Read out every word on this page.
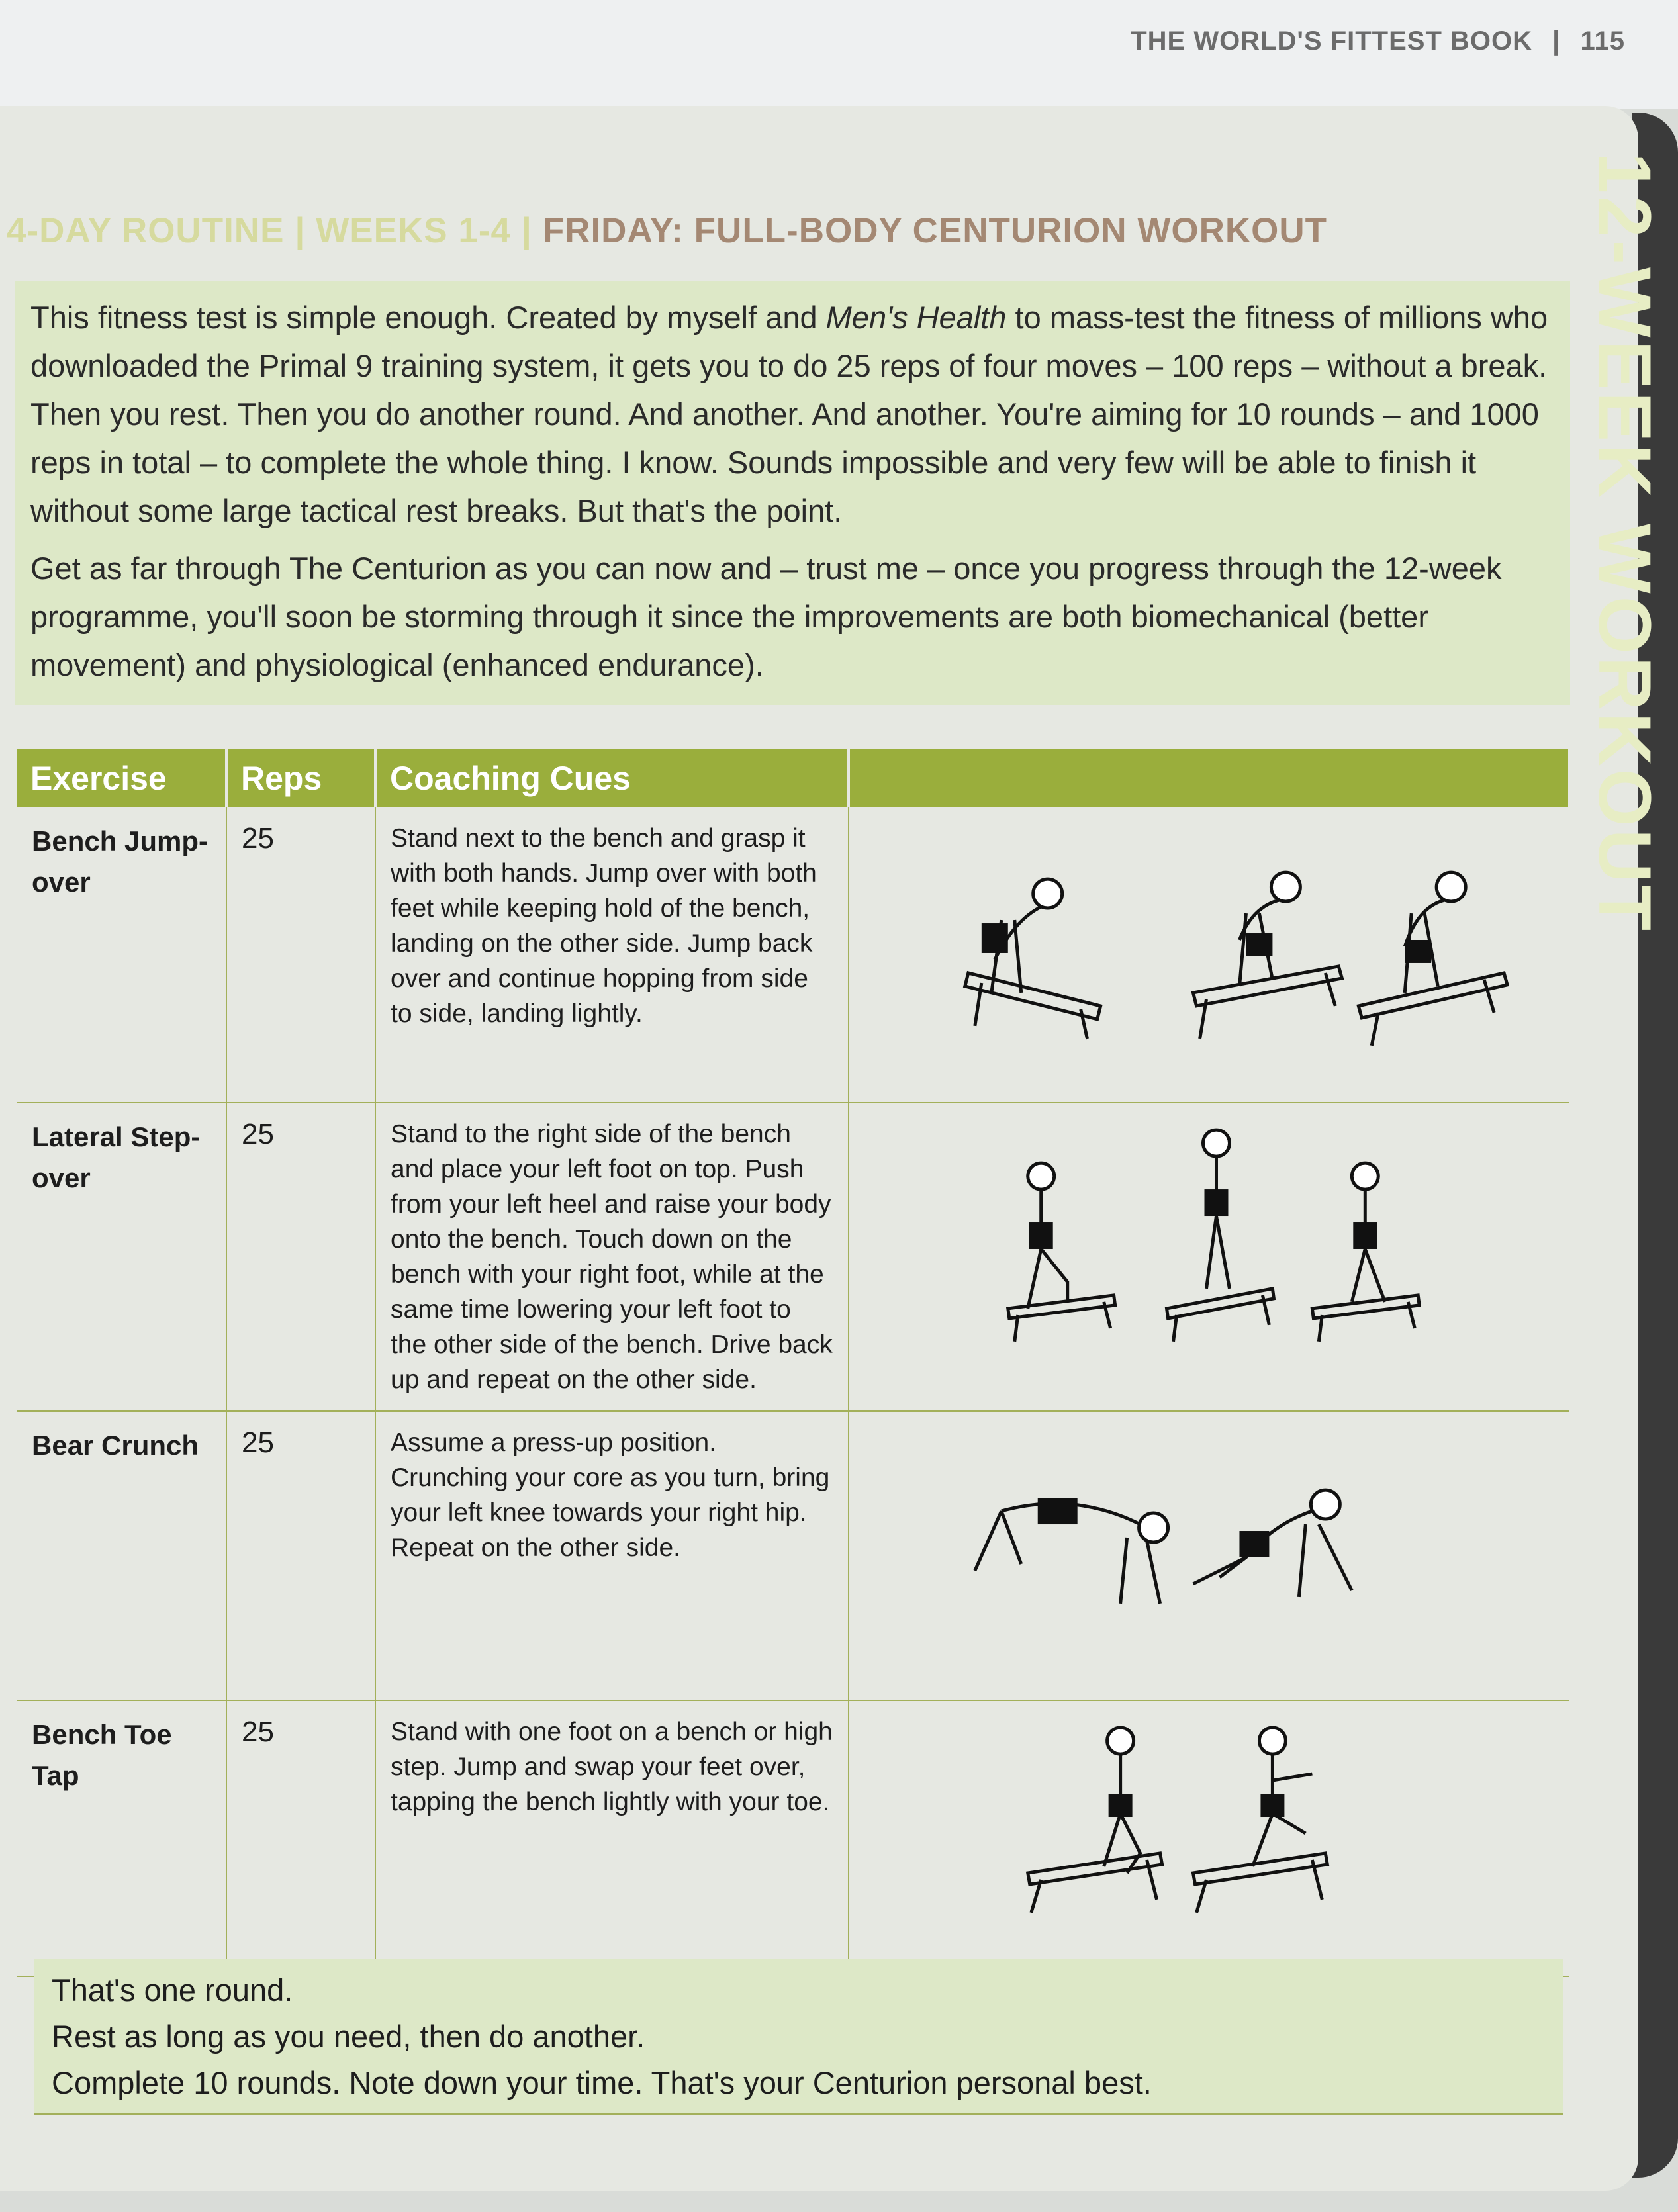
THE WORLD'S FITTEST BOOK | 115
12-WEEK WORKOUT
4-DAY ROUTINE | WEEKS 1-4 | FRIDAY: FULL-BODY CENTURION WORKOUT

This fitness test is simple enough. Created by myself and Men's Health to mass-test the fitness of millions who downloaded the Primal 9 training system, it gets you to do 25 reps of four moves – 100 reps – without a break. Then you rest. Then you do another round. And another. And another. You're aiming for 10 rounds – and 1000 reps in total – to complete the whole thing. I know. Sounds impossible and very few will be able to finish it without some large tactical rest breaks. But that's the point.

Get as far through The Centurion as you can now and – trust me – once you progress through the 12-week programme, you'll soon be storming through it since the improvements are both biomechanical (better movement) and physiological (enhanced endurance).

Exercise	Reps	Coaching Cues	
Bench Jump-over	25	Stand next to the bench and grasp it with both hands. Jump over with both feet while keeping hold of the bench, landing on the other side. Jump back over and continue hopping from side to side, landing lightly.	

Lateral Step-over	25	Stand to the right side of the bench and place your left foot on top. Push from your left heel and raise your body onto the bench. Touch down on the bench with your right foot, while at the same time lowering your left foot to the other side of the bench. Drive back up and repeat on the other side.	

Bear Crunch	25	Assume a press-up position. Crunching your core as you turn, bring your left knee towards your right hip. Repeat on the other side.	

Bench Toe Tap	25	Stand with one foot on a bench or high step. Jump and swap your feet over, tapping the bench lightly with your toe.	
That's one round.
Rest as long as you need, then do another.
Complete 10 rounds. Note down your time. That's your Centurion personal best.
